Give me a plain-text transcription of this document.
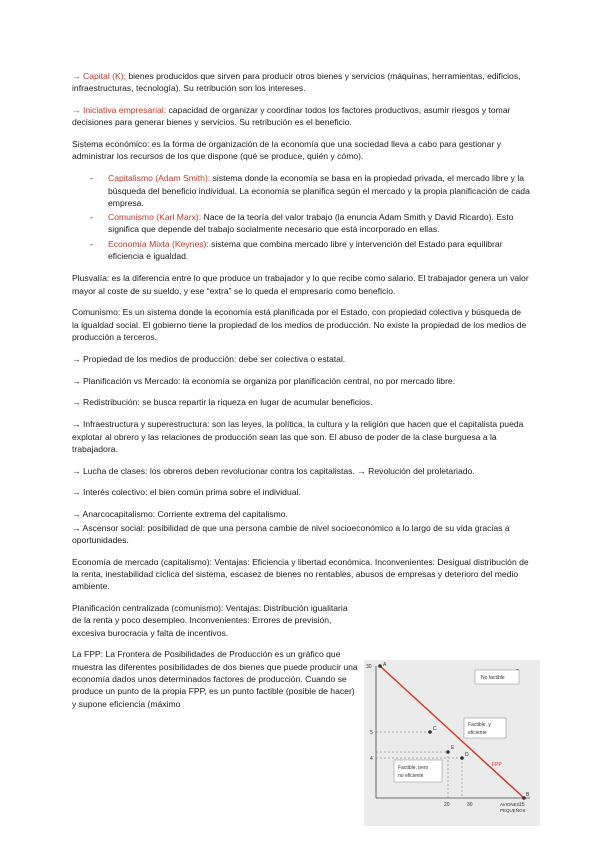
→ Capital (K); bienes producidos que sirven para producir otros bienes y servicios (máquinas, herramientas, edificios, infraestructuras, tecnología). Su retribución son los intereses.

→ Iniciativa empresarial: capacidad de organizar y coordinar todos los factores productivos, asumir riesgos y tomar decisiones para generar bienes y servicios. Su retribución es el beneficio.

Sistema económico: es la forma de organización de la economía que una sociedad lleva a cabo para gestionar y administrar los recursos de los que dispone (qué se produce, quién y cómo).

- Capitalismo (Adam Smith): sistema donde la economía se basa en la propiedad privada, el mercado libre y la búsqueda del beneficio individual. La economía se planifica según el mercado y la propia planificación de cada empresa.
- Comunismo (Karl Marx): Nace de la teoría del valor trabajo (la enuncia Adam Smith y David Ricardo). Esto significa que depende del trabajo socialmente necesario que está incorporado en ellas.
- Economía Mixta (Keynes): sistema que combina mercado libre y intervención del Estado para equilibrar eficiencia e igualdad.

Plusvalía: es la diferencia entre lo que produce un trabajador y lo que recibe como salario. El trabajador genera un valor mayor al coste de su sueldo, y ese “extra” se lo queda el empresario como beneficio.

Comunismo: Es un sistema donde la economía está planificada por el Estado, con propiedad colectiva y búsqueda de la igualdad social. El gobierno tiene la propiedad de los medios de producción. No existe la propiedad de los medios de producción a terceros.

→ Propiedad de los medios de producción: debe ser colectiva o estatal.

→ Planificación vs Mercado: la economía se organiza por planificación central, no por mercado libre.

→ Redistribución: se busca repartir la riqueza en lugar de acumular beneficios.

→ Infraestructura y superestructura: son las leyes, la política, la cultura y la religión que hacen que el capitalista pueda explotar al obrero y las relaciones de producción sean las que son. El abuso de poder de la clase burguesa a la trabajadora.

→ Lucha de clases: los obreros deben revolucionar contra los capitalistas. → Revolución del proletariado.

→ Interés colectivo: el bien común prima sobre el individual.

→ Anarcocapitalismo: Corriente extrema del capitalismo.

→ Ascensor social: posibilidad de que una persona cambie de nivel socioeconómico a lo largo de su vida gracias a oportunidades.

Economía de mercado (capitalismo): Ventajas: Eficiencia y libertad económica. Inconvenientes: Desigual distribución de la renta, inestabilidad cíclica del sistema, escasez de bienes no rentables, abusos de empresas y deterioro del medio ambiente.

Planificación centralizada (comunismo): Ventajas: Distribución igualitaria de la renta y poco desempleo. Inconvenientes: Errores de previsión, excesiva burocracia y falta de incentivos.

La FPP: La Frontera de Posibilidades de Producción es un gráfico que muestra las diferentes posibilidades de dos bienes que puede producir una economía dados unos determinados factores de producción. Cuando se produce un punto de la propia FPP, es un punto factible (posible de hacer) y supone eficiencia (máximo

A
B
C
D
E
30
5
4
20	30	15
FPP
No factible
Factible, y
eficiente
Factible, pero
no eficiente
AVIONES
PEQUEÑOS
